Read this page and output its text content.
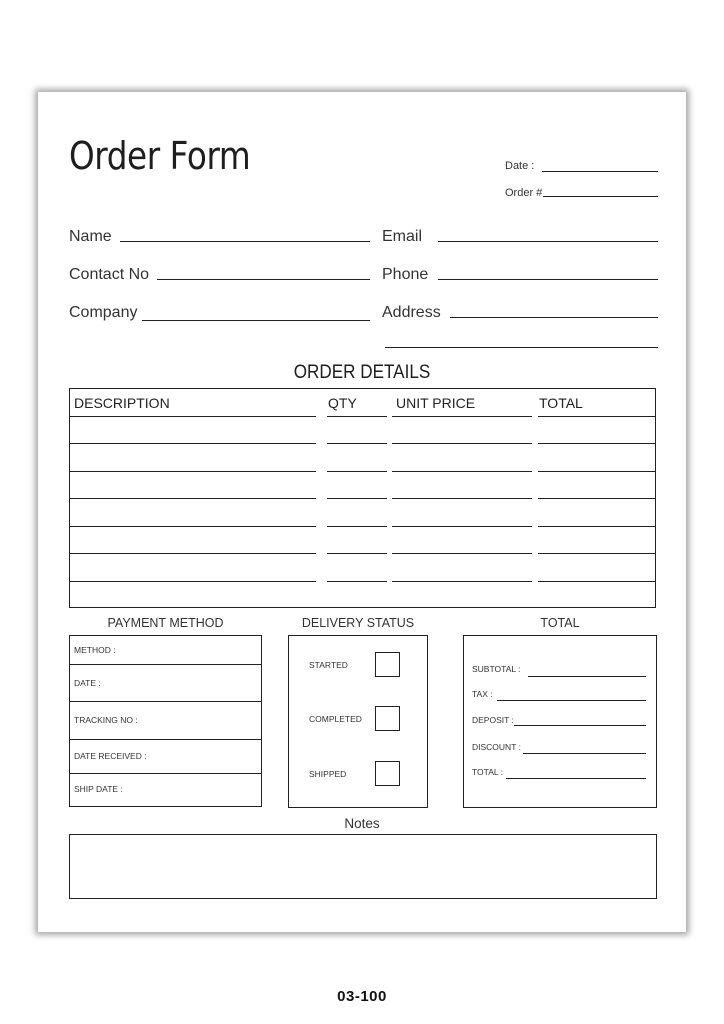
Order Form	Date :
Order #
Name	Email
Contact No	Phone
Company	Address
ORDER DETAILS
DESCRIPTION	QTY	UNIT PRICE	TOTAL
PAYMENT METHOD
METHOD :
DATE :
TRACKING NO :
DATE RECEIVED :
SHIP DATE :
DELIVERY STATUS
STARTED
COMPLETED
SHIPPED
TOTAL
SUBTOTAL :
TAX :
DEPOSIT :
DISCOUNT :
TOTAL :
Notes
03-100
